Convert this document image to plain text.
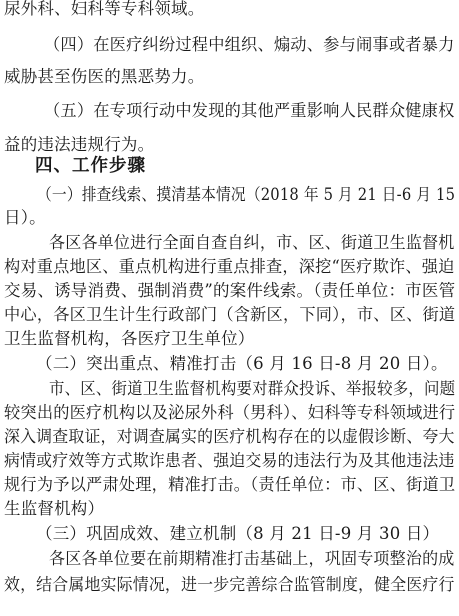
尿外科、妇科等专科领域。
（四）在医疗纠纷过程中组织、煽动、参与闹事或者暴力
威胁甚至伤医的黑恶势力。
（五）在专项行动中发现的其他严重影响人民群众健康权
益的违法违规行为。
四、工作步骤
（一）排查线索、摸清基本情况（2018 年 5 月 21 日-6 月 15
日）。
各区各单位进行全面自查自纠，市、区、街道卫生监督机
构对重点地区、重点机构进行重点排查，深挖“医疗欺诈、强迫
交易、诱导消费、强制消费”的案件线索。（责任单位：市医管
中心，各区卫生计生行政部门（含新区，下同），市、区、街道
卫生监督机构，各医疗卫生单位）
（二）突出重点、精准打击（6 月 16 日-8 月 20 日）。
市、区、街道卫生监督机构要对群众投诉、举报较多，问题
较突出的医疗机构以及泌尿外科（男科）、妇科等专科领域进行
深入调查取证，对调查属实的医疗机构存在的以虚假诊断、夸大
病情或疗效等方式欺诈患者、强迫交易的违法行为及其他违法违
规行为予以严肃处理，精准打击。（责任单位：市、区、街道卫
生监督机构）
（三）巩固成效、建立机制（8 月 21 日-9 月 30 日）
各区各单位要在前期精准打击基础上，巩固专项整治的成
效，结合属地实际情况，进一步完善综合监管制度，健全医疗行
